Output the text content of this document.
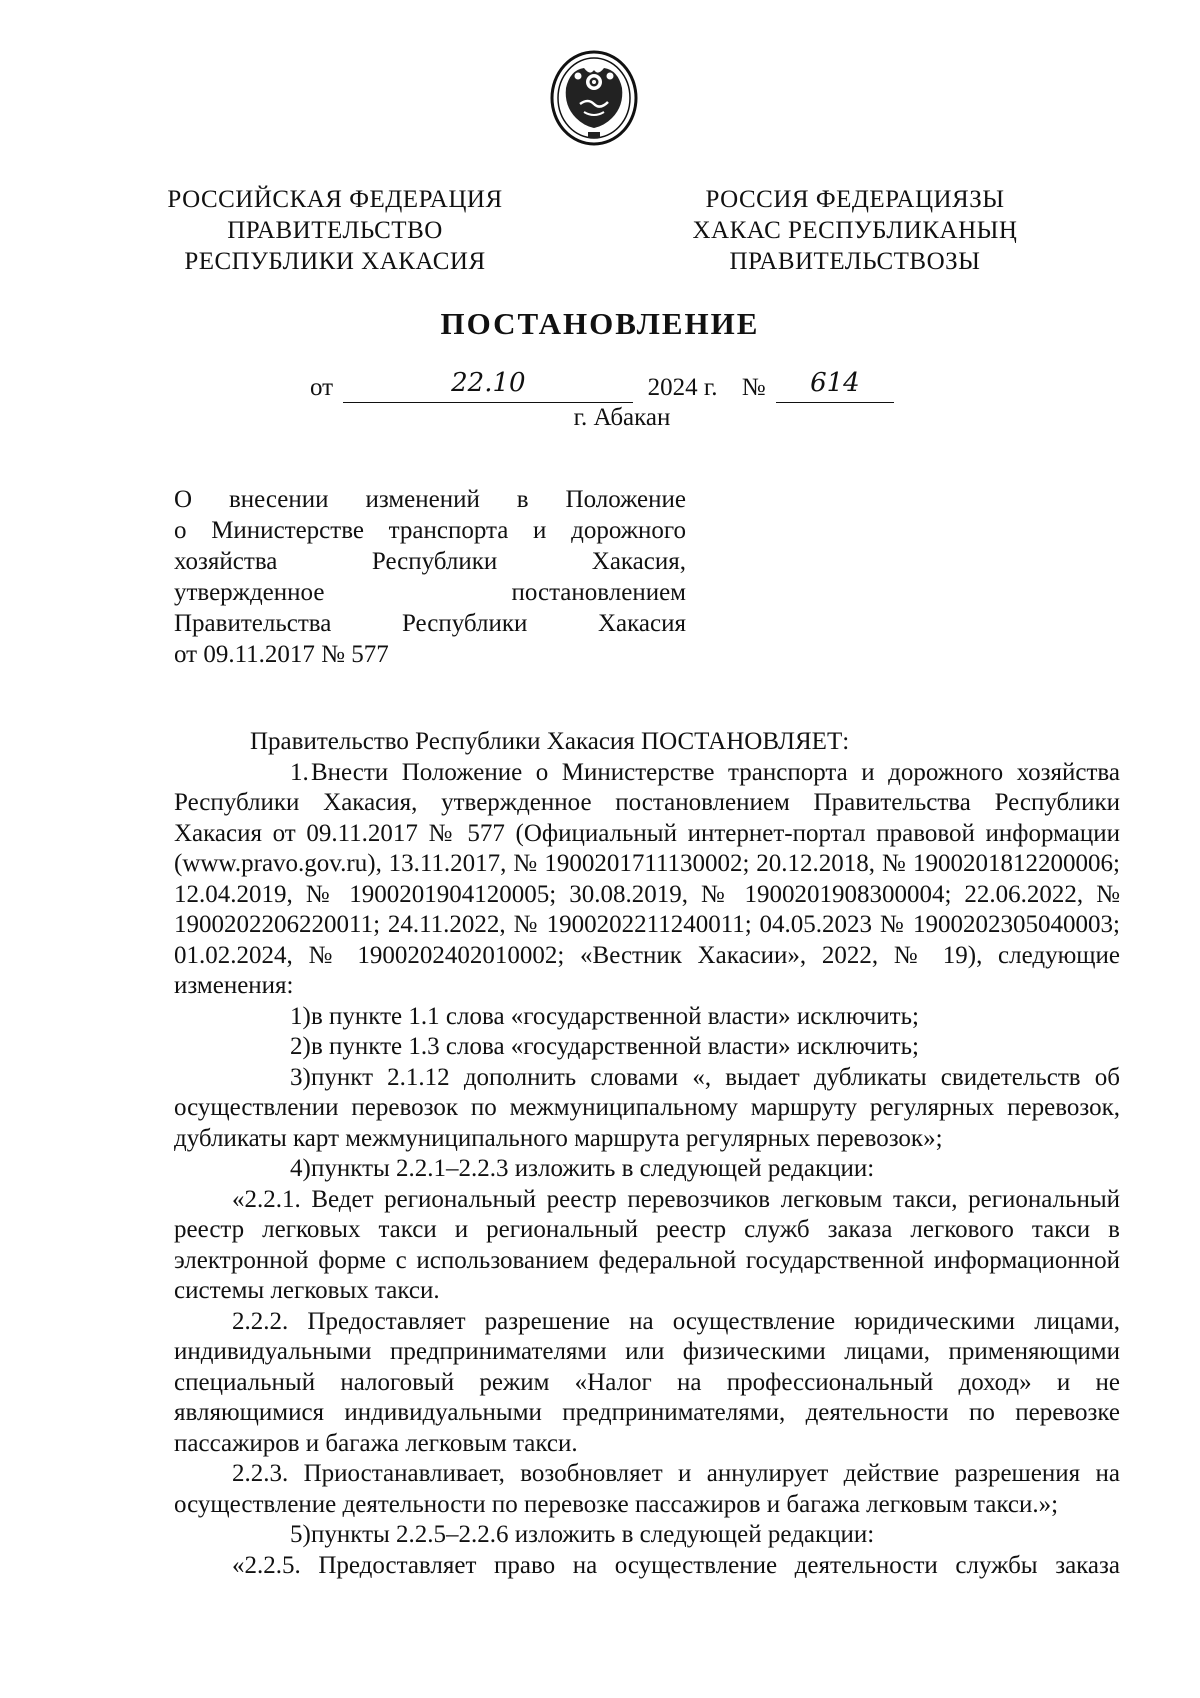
РОССИЙСКАЯ ФЕДЕРАЦИЯ
ПРАВИТЕЛЬСТВО
РЕСПУБЛИКИ ХАКАСИЯ
РОССИЯ ФЕДЕРАЦИЯЗЫ
ХАКАС РЕСПУБЛИКАНЫҢ
ПРАВИТЕЛЬСТВОЗЫ
ПОСТАНОВЛЕНИЕ
от	22.10	2024 г. № 614
г. Абакан
О внесении изменений в Положение
о Министерстве транспорта и дорожного
хозяйства Республики Хакасия,
утвержденное постановлением
Правительства Республики Хакасия
от 09.11.2017 № 577

Правительство Республики Хакасия ПОСТАНОВЛЯЕТ:

1.Внести Положение о Министерстве транспорта и дорожного хозяйства Республики Хакасия, утвержденное постановлением Правительства Республики Хакасия от 09.11.2017 № 577 (Официальный интернет-портал правовой информации (www.pravo.gov.ru), 13.11.2017, № 1900201711130002; 20.12.2018, № 1900201812200006; 12.04.2019, № 1900201904120005; 30.08.2019, № 1900201908300004; 22.06.2022, № 1900202206220011; 24.11.2022, № 1900202211240011; 04.05.2023 № 1900202305040003; 01.02.2024, № 1900202402010002; «Вестник Хакасии», 2022, № 19), следующие изменения:

1)в пункте 1.1 слова «государственной власти» исключить;

2)в пункте 1.3 слова «государственной власти» исключить;

3)пункт 2.1.12 дополнить словами «, выдает дубликаты свидетельств об осуществлении перевозок по межмуниципальному маршруту регулярных перевозок, дубликаты карт межмуниципального маршрута регулярных перевозок»;

4)пункты 2.2.1–2.2.3 изложить в следующей редакции:

«2.2.1. Ведет региональный реестр перевозчиков легковым такси, региональный реестр легковых такси и региональный реестр служб заказа легкового такси в электронной форме с использованием федеральной государственной информационной системы легковых такси.

2.2.2. Предоставляет разрешение на осуществление юридическими лицами, индивидуальными предпринимателями или физическими лицами, применяющими специальный налоговый режим «Налог на профессиональный доход» и не являющимися индивидуальными предпринимателями, деятельности по перевозке пассажиров и багажа легковым такси.

2.2.3. Приостанавливает, возобновляет и аннулирует действие разрешения на осуществление деятельности по перевозке пассажиров и багажа легковым такси.»;

5)пункты 2.2.5–2.2.6 изложить в следующей редакции:

«2.2.5. Предоставляет право на осуществление деятельности службы заказа
